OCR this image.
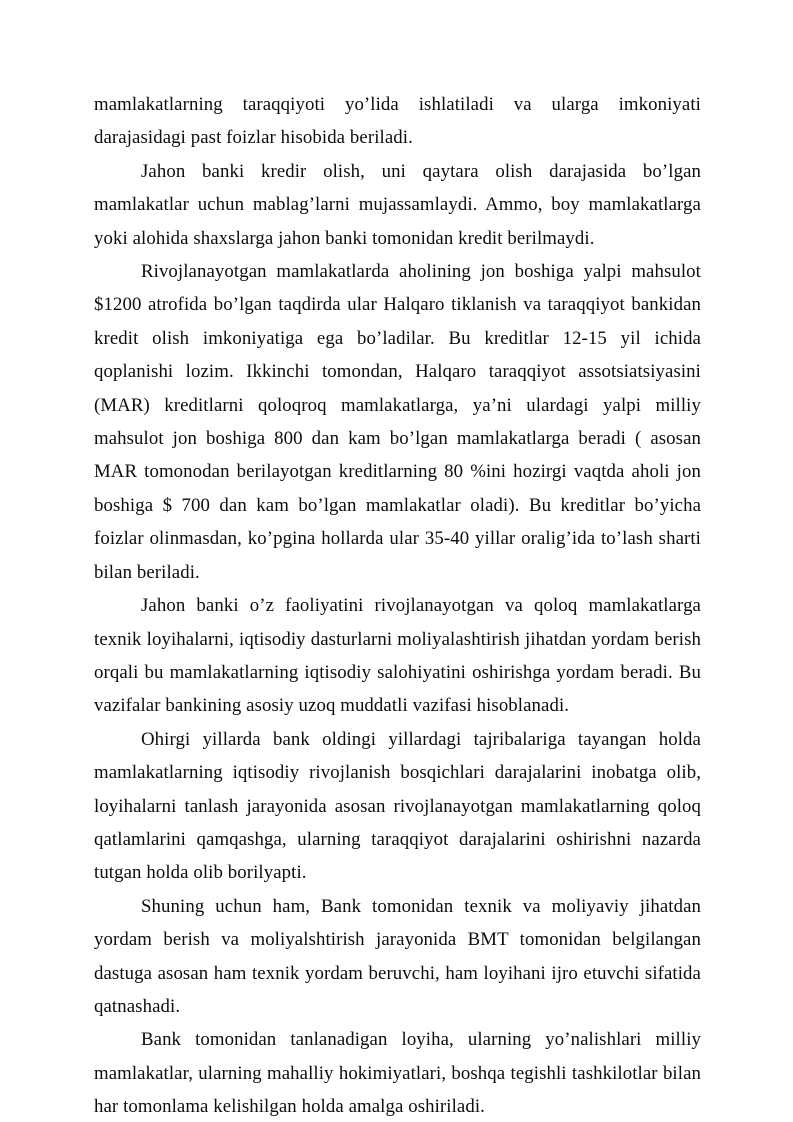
mamlakatlarning taraqqiyoti yo’lida ishlatiladi va ularga imkoniyati darajasidagi past foizlar hisobida beriladi.

Jahon banki kredir olish, uni qaytara olish darajasida bo’lgan mamlakatlar uchun mablag’larni mujassamlaydi. Ammo, boy mamlakatlarga yoki alohida shaxslarga jahon banki tomonidan kredit berilmaydi.

Rivojlanayotgan mamlakatlarda aholining jon boshiga yalpi mahsulot $1200 atrofida bo’lgan taqdirda ular Halqaro tiklanish va taraqqiyot bankidan kredit olish imkoniyatiga ega bo’ladilar. Bu kreditlar 12-15 yil ichida qoplanishi lozim. Ikkinchi tomondan, Halqaro taraqqiyot assotsiatsiyasini (MAR) kreditlarni qoloqroq mamlakatlarga, ya’ni ulardagi yalpi milliy mahsulot jon boshiga 800 dan kam bo’lgan mamlakatlarga beradi ( asosan MAR tomonodan berilayotgan kreditlarning 80 %ini hozirgi vaqtda aholi jon boshiga $ 700 dan kam bo’lgan mamlakatlar oladi). Bu kreditlar bo’yicha foizlar olinmasdan, ko’pgina hollarda ular 35-40 yillar oralig’ida to’lash sharti bilan beriladi.

Jahon banki o’z faoliyatini rivojlanayotgan va qoloq mamlakatlarga texnik loyihalarni, iqtisodiy dasturlarni moliyalashtirish jihatdan yordam berish orqali bu mamlakatlarning iqtisodiy salohiyatini oshirishga yordam beradi. Bu vazifalar bankining asosiy uzoq muddatli vazifasi hisoblanadi.

Ohirgi yillarda bank oldingi yillardagi tajribalariga tayangan holda mamlakatlarning iqtisodiy rivojlanish bosqichlari darajalarini inobatga olib, loyihalarni tanlash jarayonida asosan rivojlanayotgan mamlakatlarning qoloq qatlamlarini qamqashga, ularning taraqqiyot darajalarini oshirishni nazarda tutgan holda olib borilyapti.

Shuning uchun ham, Bank tomonidan texnik va moliyaviy jihatdan yordam berish va moliyalshtirish jarayonida BMT tomonidan belgilangan dastuga asosan ham texnik yordam beruvchi, ham loyihani ijro etuvchi sifatida qatnashadi.

Bank tomonidan tanlanadigan loyiha, ularning yo’nalishlari milliy mamlakatlar, ularning mahalliy hokimiyatlari, boshqa tegishli tashkilotlar bilan har tomonlama kelishilgan holda amalga oshiriladi.
